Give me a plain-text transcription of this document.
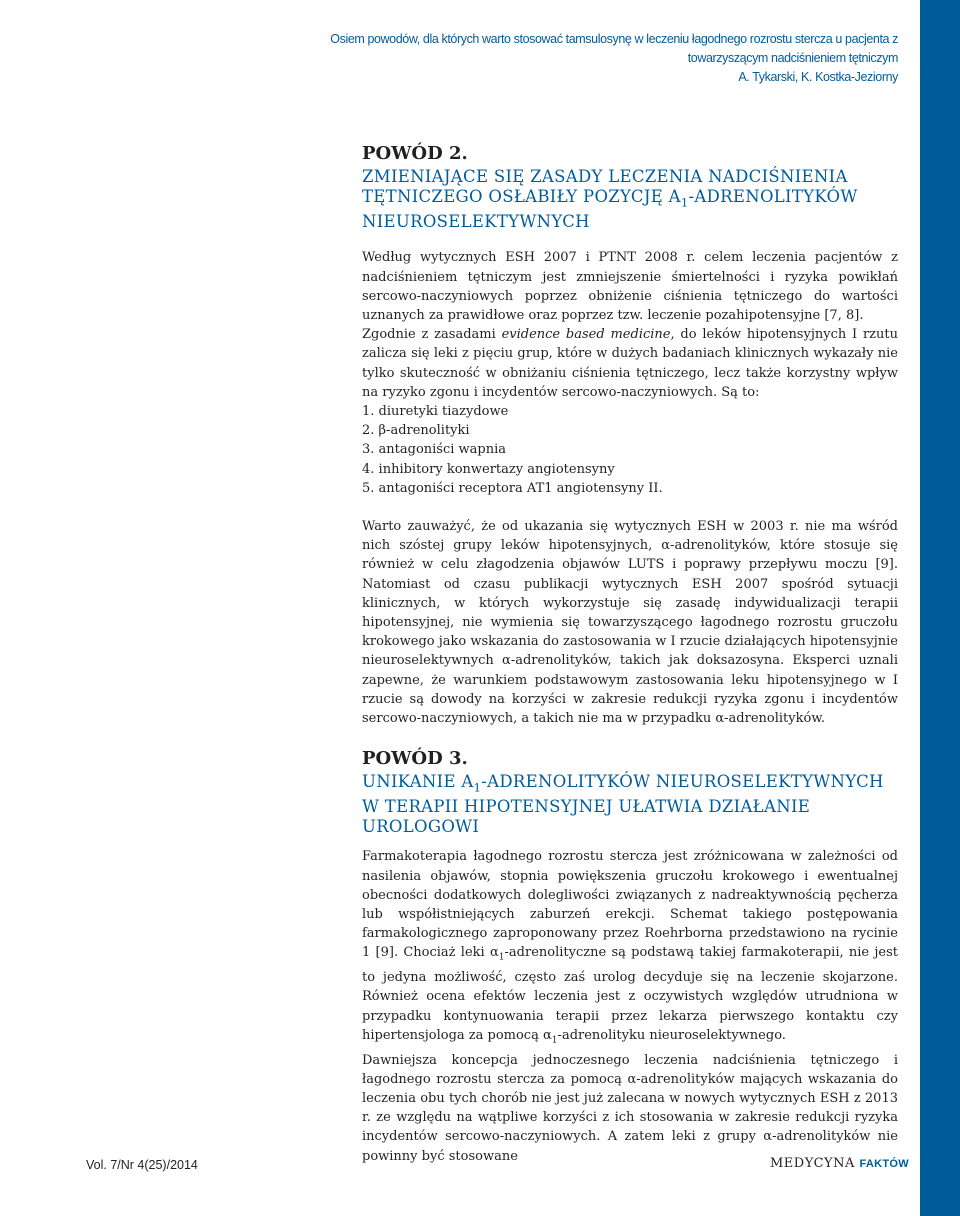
Osiem powodów, dla których warto stosować tamsulosynę w leczeniu łagodnego rozrostu stercza u pacjenta z towarzyszącym nadciśnieniem tętniczym
A. Tykarski, K. Kostka-Jeziorny
27
POWÓD 2.
ZMIENIAJĄCE SIĘ ZASADY LECZENIA NADCIŚNIENIA TĘTNICZEGO OSŁABIŁY POZYCJĘ $A_1$-ADRENOLITYKÓW NIEUROSELEKTYWNYCH

Według wytycznych ESH 2007 i PTNT 2008 r. celem leczenia pacjentów z nadciśnieniem tętniczym jest zmniejszenie śmiertelności i ryzyka powikłań sercowo-naczyniowych poprzez obniżenie ciśnienia tętniczego do wartości uznanych za prawidłowe oraz poprzez tzw. leczenie pozahipotensyjne [7, 8].

Zgodnie z zasadami evidence based medicine, do leków hipotensyjnych I rzutu zalicza się leki z pięciu grup, które w dużych badaniach klinicznych wykazały nie tylko skuteczność w obniżaniu ciśnienia tętniczego, lecz także korzystny wpływ na ryzyko zgonu i incydentów sercowo-naczyniowych. Są to:

1. diuretyki tiazydowe
2. β-adrenolityki
3. antagoniści wapnia
4. inhibitory konwertazy angiotensyny
5. antagoniści receptora AT1 angiotensyny II.

Warto zauważyć, że od ukazania się wytycznych ESH w 2003 r. nie ma wśród nich szóstej grupy leków hipotensyjnych, α-adrenolityków, które stosuje się również w celu złagodzenia objawów LUTS i poprawy przepływu moczu [9]. Natomiast od czasu publikacji wytycznych ESH 2007 spośród sytuacji klinicznych, w których wykorzystuje się zasadę indywidualizacji terapii hipotensyjnej, nie wymienia się towarzyszącego łagodnego rozrostu gruczołu krokowego jako wskazania do zastosowania w I rzucie działających hipotensyjnie nieuroselektywnych α-adrenolityków, takich jak doksazosyna. Eksperci uznali zapewne, że warunkiem podstawowym zastosowania leku hipotensyjnego w I rzucie są dowody na korzyści w zakresie redukcji ryzyka zgonu i incydentów sercowo-naczyniowych, a takich nie ma w przypadku α-adrenolityków.

POWÓD 3.
UNIKANIE $A_1$-ADRENOLITYKÓW NIEUROSELEKTYWNYCH W TERAPII HIPOTENSYJNEJ UŁATWIA DZIAŁANIE UROLOGOWI

Farmakoterapia łagodnego rozrostu stercza jest zróżnicowana w zależności od nasilenia objawów, stopnia powiększenia gruczołu krokowego i ewentualnej obecności dodatkowych dolegliwości związanych z nadreaktywnością pęcherza lub współistniejących zaburzeń erekcji. Schemat takiego postępowania farmakologicznego zaproponowany przez Roehrborna przedstawiono na rycinie 1 [9]. Chociaż leki $\alpha_1$-adrenolityczne są podstawą takiej farmakoterapii, nie jest to jedyna możliwość, często zaś urolog decyduje się na leczenie skojarzone. Również ocena efektów leczenia jest z oczywistych względów utrudniona w przypadku kontynuowania terapii przez lekarza pierwszego kontaktu czy hipertensjologa za pomocą $\alpha_1$-adrenolityku nieuroselektywnego.

Dawniejsza koncepcja jednoczesnego leczenia nadciśnienia tętniczego i łagodnego rozrostu stercza za pomocą α-adrenolityków mających wskazania do leczenia obu tych chorób nie jest już zalecana w nowych wytycznych ESH z 2013 r. ze względu na wątpliwe korzyści z ich stosowania w zakresie redukcji ryzyka incydentów sercowo-naczyniowych. A zatem leki z grupy α-adrenolityków nie powinny być stosowane

Vol. 7/Nr 4(25)/2014	MEDYCYNA FAKTÓW
